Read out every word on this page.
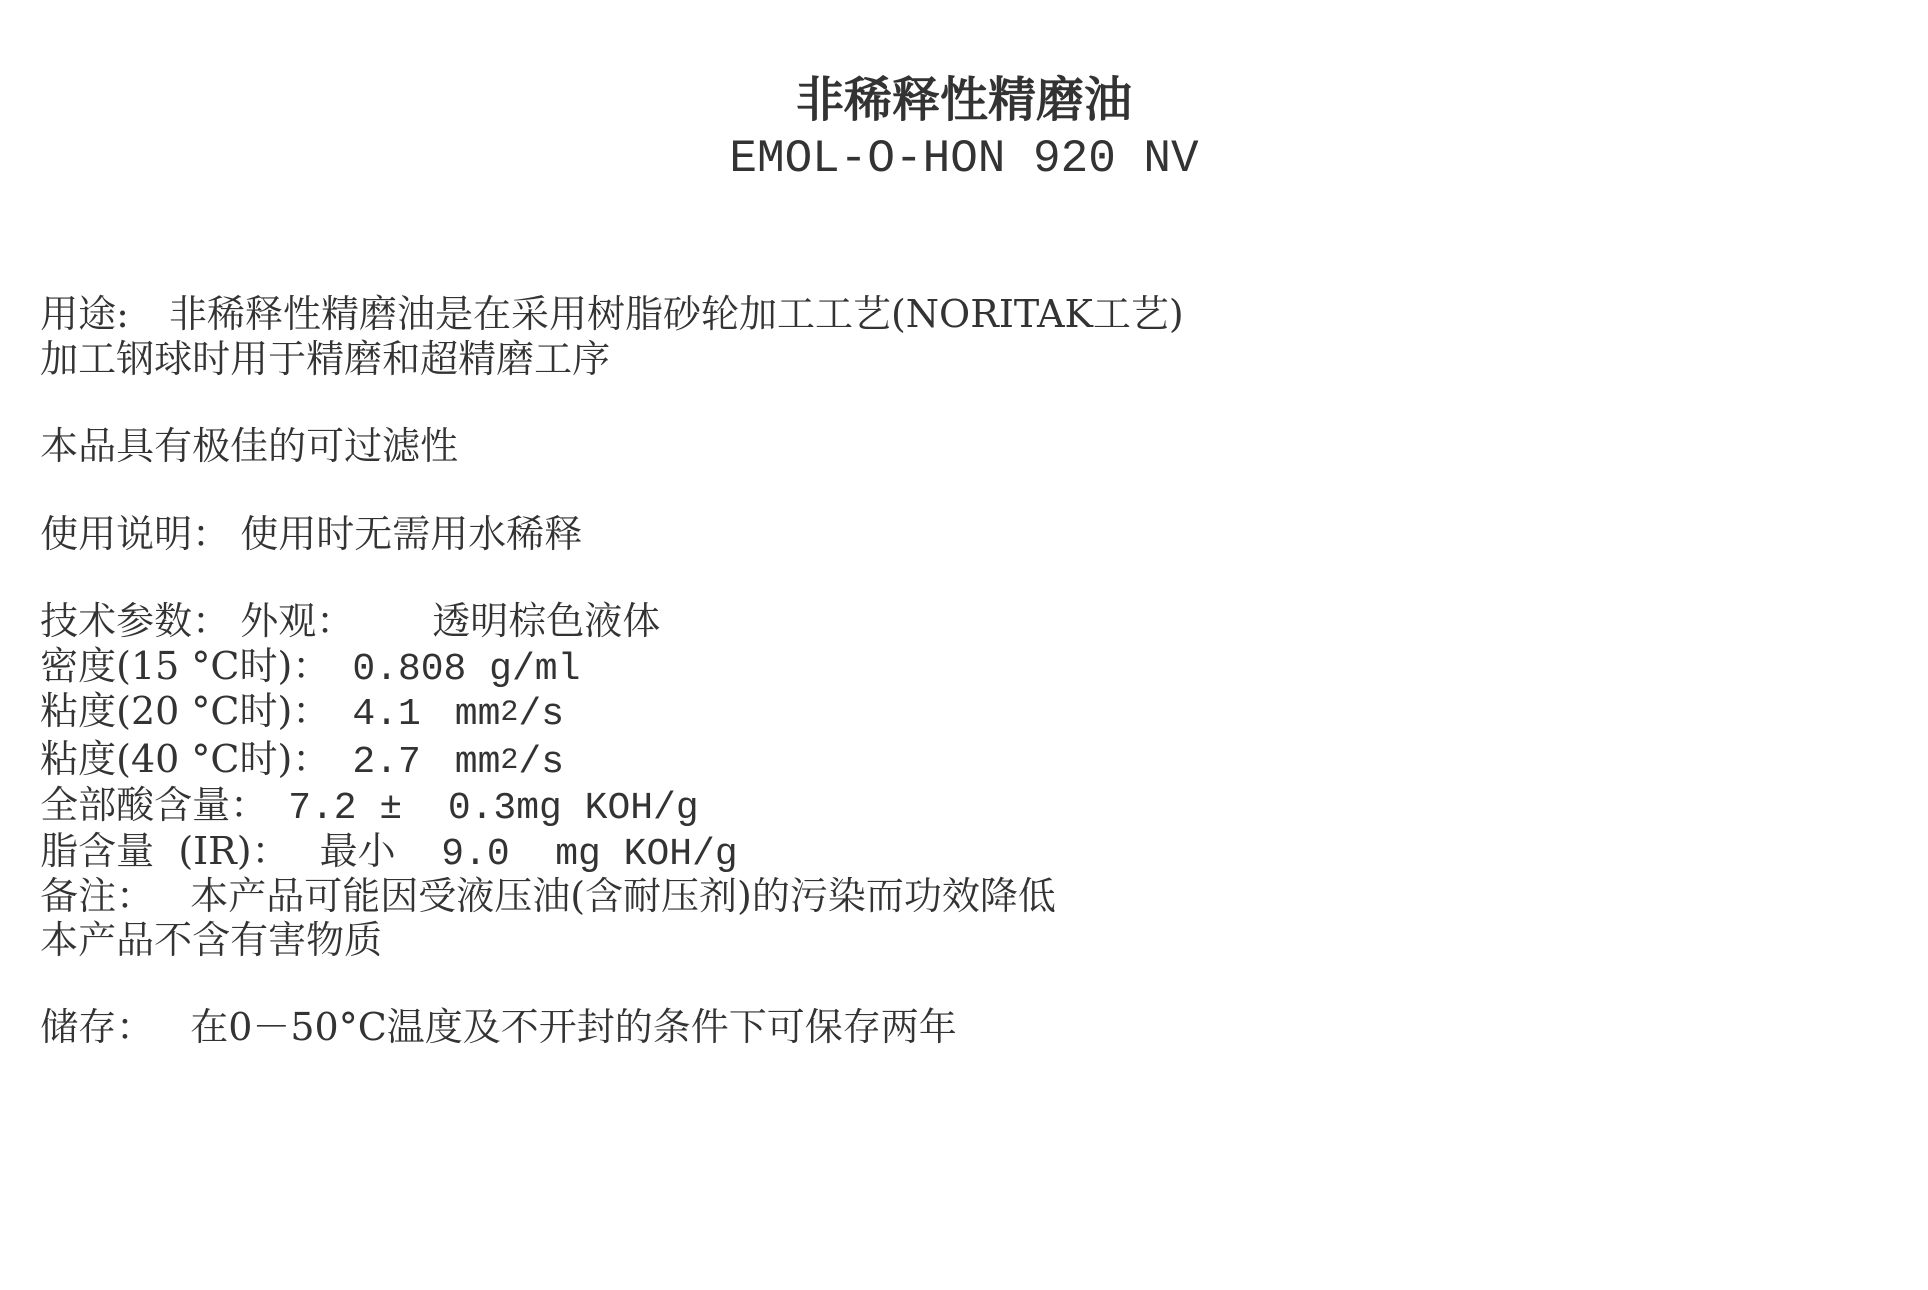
非稀释性精磨油
EMOL-O-HON 920 NV

用途: 非稀释性精磨油是在采用树脂砂轮加工工艺(NORITAK工艺)

加工钢球时用于精磨和超精磨工序

本品具有极佳的可过滤性

使用说明： 使用时无需用水稀释

技术参数： 外观： 透明棕色液体

密度(15 °C时)： 0.808 g/ml

粘度(20 °C时)： 4.1 $mm^2/s$

粘度(40 °C时)： 2.7 $mm^2/s$

全部酸含量： 7.2 ±  0.3mg KOH/g

脂含量  (IR)： 最小  9.0  mg KOH/g

备注： 本产品可能因受液压油(含耐压剂)的污染而功效降低

本产品不含有害物质

储存： 在0－50°C温度及不开封的条件下可保存两年
